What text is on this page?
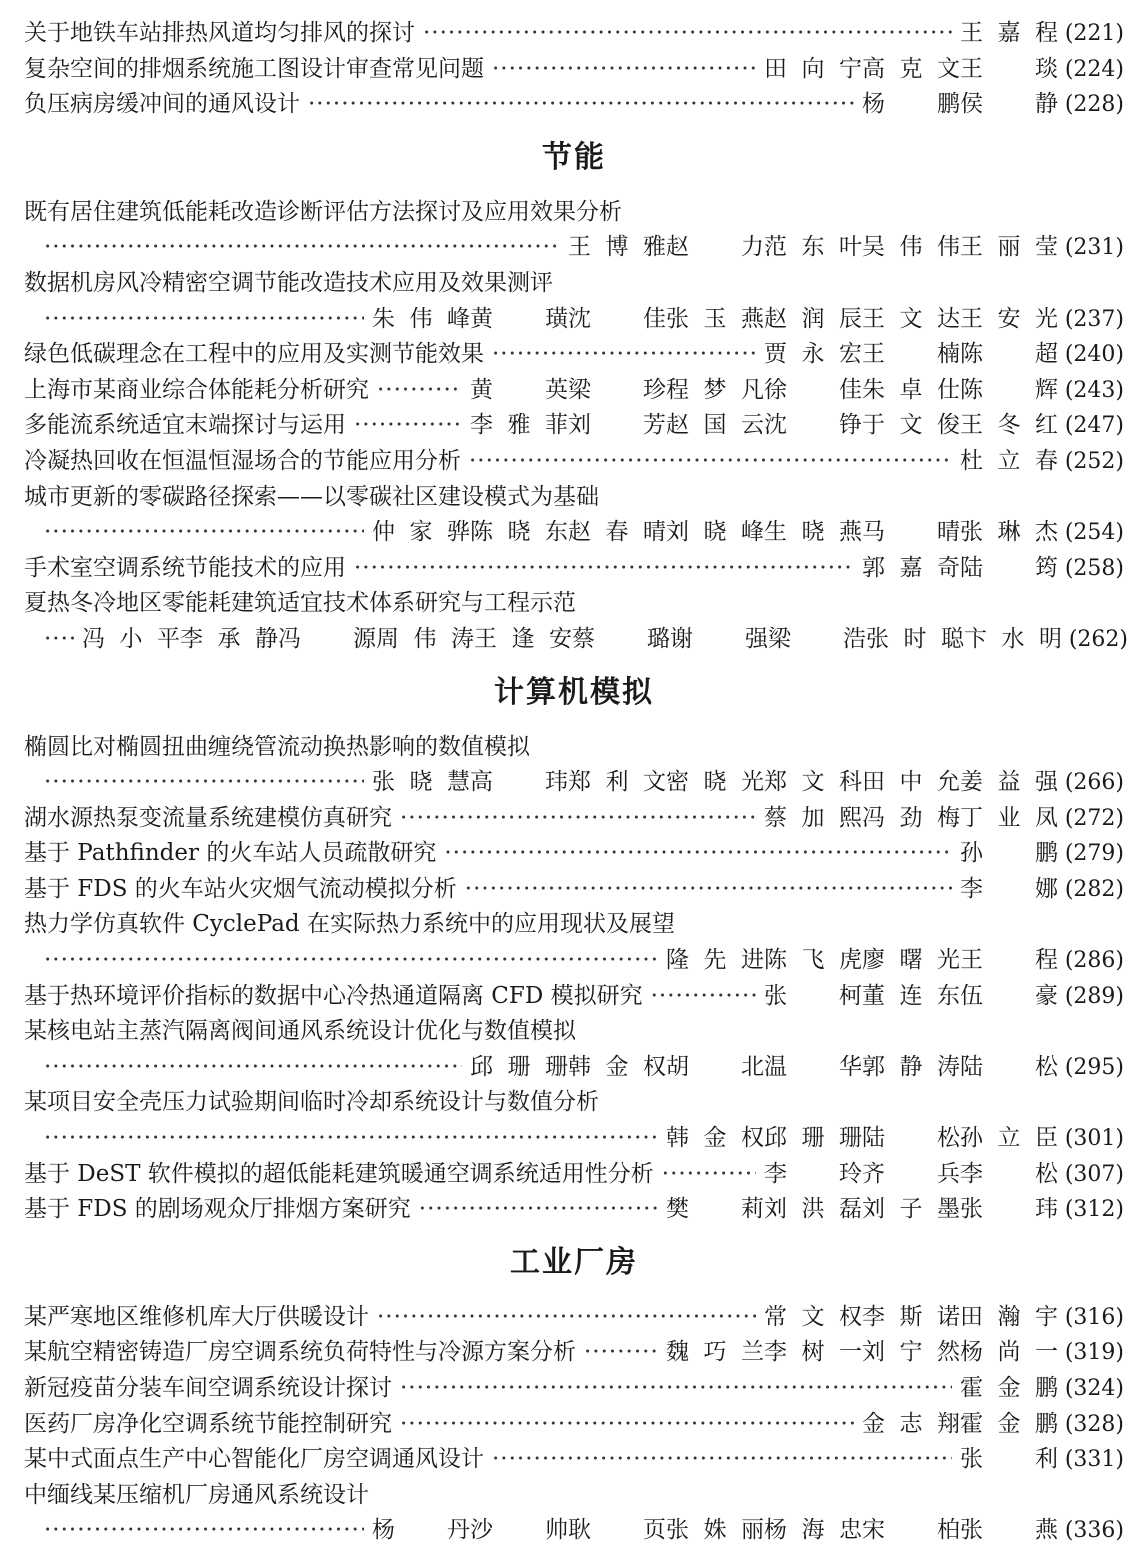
关于地铁车站排热风道均匀排风的探讨 ·····	王嘉程 (221)
复杂空间的排烟系统施工图设计审查常见问题 ·····	田向宁 高克文 王 琰 (224)
负压病房缓冲间的通风设计 ·····	杨 鹏 侯 静 (228)
节能
既有居住建筑低能耗改造诊断评估方法探讨及应用效果分析
·····
王博雅 赵 力 范东叶 吴伟伟 王丽莹 (231)
数据机房风冷精密空调节能改造技术应用及效果测评
·····
朱伟峰 黄 璜 沈 佳 张玉燕 赵润辰 王文达 王安光 (237)
绿色低碳理念在工程中的应用及实测节能效果 ·····	贾永宏 王 楠 陈 超 (240)
上海市某商业综合体能耗分析研究 ·····	黄 英 梁 珍 程梦凡 徐 佳 朱卓仕 陈 辉 (243)
多能流系统适宜末端探讨与运用 ·····	李雅菲 刘 芳 赵国云 沈 铮 于文俊 王冬红 (247)
冷凝热回收在恒温恒湿场合的节能应用分析 ·····	杜立春 (252)
城市更新的零碳路径探索——以零碳社区建设模式为基础
·····
仲家骅 陈晓东 赵春晴 刘晓峰 生晓燕 马 晴 张琳杰 (254)
手术室空调系统节能技术的应用 ·····	郭嘉奇 陆 筠 (258)
夏热冬冷地区零能耗建筑适宜技术体系研究与工程示范
·····
冯小平 李承静 冯 源 周伟涛 王逢安 蔡 璐 谢 强 梁 浩 张时聪 卞水明 (262)
计算机模拟
椭圆比对椭圆扭曲缠绕管流动换热影响的数值模拟
·····
张晓慧 高 玮 郑利文 密晓光 郑文科 田中允 姜益强 (266)
湖水源热泵变流量系统建模仿真研究 ·····	蔡加熙 冯劲梅 丁业凤 (272)
基于 Pathfinder 的火车站人员疏散研究 ·····	孙 鹏 (279)
基于 FDS 的火车站火灾烟气流动模拟分析 ·····	李 娜 (282)
热力学仿真软件 CyclePad 在实际热力系统中的应用现状及展望
·····
隆先进 陈飞虎 廖曙光 王 程 (286)
基于热环境评价指标的数据中心冷热通道隔离 CFD 模拟研究 ·····	张 柯 董连东 伍 豪 (289)
某核电站主蒸汽隔离阀间通风系统设计优化与数值模拟
·····
邱珊珊 韩金权 胡 北 温 华 郭静涛 陆 松 (295)
某项目安全壳压力试验期间临时冷却系统设计与数值分析
·····
韩金权 邱珊珊 陆 松 孙立臣 (301)
基于 DeST 软件模拟的超低能耗建筑暖通空调系统适用性分析 ·····	李 玲 齐 兵 李 松 (307)
基于 FDS 的剧场观众厅排烟方案研究 ·····	樊 莉 刘洪磊 刘子墨 张 玮 (312)
工业厂房
某严寒地区维修机库大厅供暖设计 ·····	常文权 李斯诺 田瀚宇 (316)
某航空精密铸造厂房空调系统负荷特性与冷源方案分析 ·····	魏巧兰 李树一 刘宁然 杨尚一 (319)
新冠疫苗分装车间空调系统设计探讨 ·····	霍金鹏 (324)
医药厂房净化空调系统节能控制研究 ·····	金志翔 霍金鹏 (328)
某中式面点生产中心智能化厂房空调通风设计 ·····	张 利 (331)
中缅线某压缩机厂房通风系统设计
·····
杨 丹 沙 帅 耿 页 张姝丽 杨海忠 宋 柏 张 燕 (336)
